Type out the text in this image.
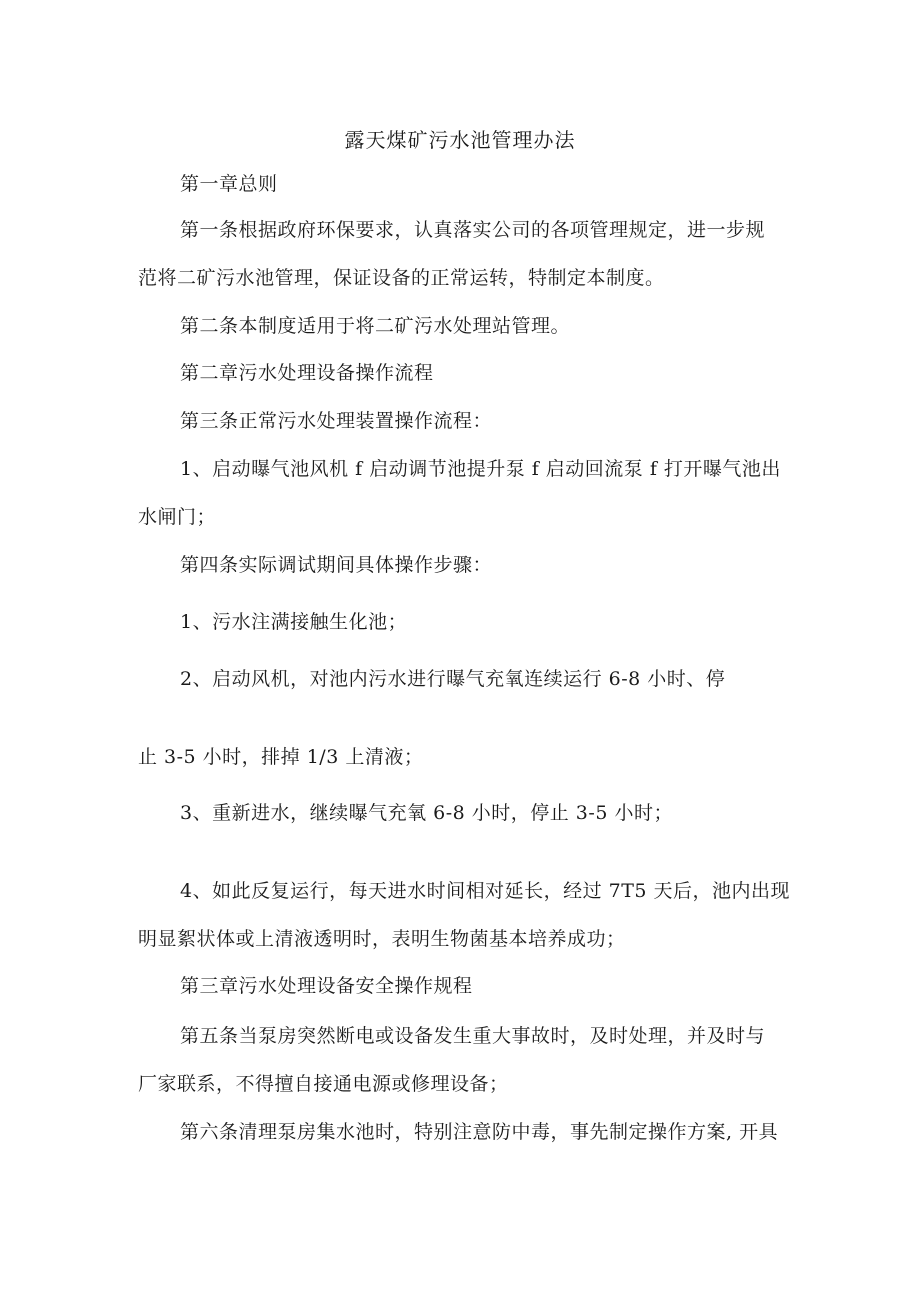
露天煤矿污水池管理办法
第一章总则
第一条根据政府环保要求，认真落实公司的各项管理规定，进一步规
范将二矿污水池管理，保证设备的正常运转，特制定本制度。
第二条本制度适用于将二矿污水处理站管理。
第二章污水处理设备操作流程
第三条正常污水处理装置操作流程：
1、启动曝气池风机 f 启动调节池提升泵 f 启动回流泵 f 打开曝气池出
水闸门；
第四条实际调试期间具体操作步骤：
1、污水注满接触生化池；
2、启动风机，对池内污水进行曝气充氧连续运行 6-8 小时、停
止 3-5 小时，排掉 1/3 上清液；
3、重新进水，继续曝气充氧 6-8 小时，停止 3-5 小时；
4、如此反复运行，每天进水时间相对延长，经过 7T5 天后，池内出现
明显絮状体或上清液透明时，表明生物菌基本培养成功；
第三章污水处理设备安全操作规程
第五条当泵房突然断电或设备发生重大事故时，及时处理，并及时与
厂家联系，不得擅自接通电源或修理设备；
第六条清理泵房集水池时，特别注意防中毒，事先制定操作方案, 开具
